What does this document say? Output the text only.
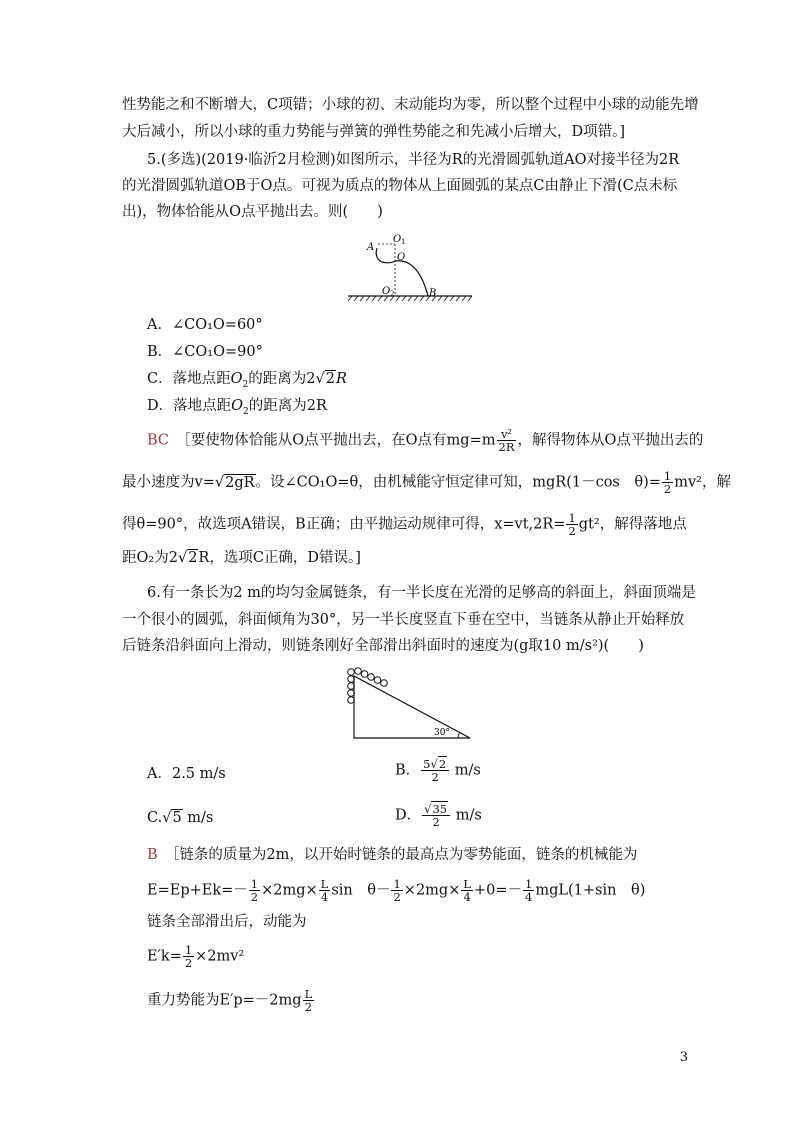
性势能之和不断增大，C项错；小球的初、末动能均为零，所以整个过程中小球的动能先增
大后减小，所以小球的重力势能与弹簧的弹性势能之和先减小后增大，D项错。]
5.(多选)(2019·临沂2月检测)如图所示，半径为R的光滑圆弧轨道AO对接半径为2R
的光滑圆弧轨道OB于O点。可视为质点的物体从上面圆弧的某点C由静止下滑(C点未标
出)，物体恰能从O点平抛出去。则(　　)
A
O 1
O
O 2	B
A．∠CO₁O=60°
B．∠CO₁O=90°
C．落地点距$O_2$的距离为2√2R
D．落地点距$O_2$的距离为2R
BC　 ［要使物体恰能从O点平抛出去，在O点有$mg=m \frac{\text{v²}}{2R}$ ，解得物体从O点平抛出去的
最小速度为v=√2gR。设∠CO₁O=θ，由机械能守恒定律可知，mgR(1－cos　$\theta)= \frac{1}{2} mv^2$，解
得θ=90°，故选项A错误，B正确；由平抛运动规律可得，$x=vt,2R= \frac{1}{2} gt^2$，解得落地点
距O₂为2√2R，选项C正确，D错误。]
6.有一条长为2 m的均匀金属链条，有一半长度在光滑的足够高的斜面上，斜面顶端是
一个很小的圆弧，斜面倾角为30°，另一半长度竖直下垂在空中，当链条从静止开始释放
后链条沿斜面向上滑动，则链条刚好全部滑出斜面时的速度为(g取10 m/s²)(　　)
30°
A．2.5 m/s	B． $\frac{5√2}{2} m/s$
C.√5 m/s	D． $\frac{√35}{2} m/s$
B　 ［链条的质量为2m，以开始时链条的最高点为零势能面，链条的机械能为
$E=Ep+Ek=- \frac{1}{2} \times 2mg\times \frac{L}{4}$ sin　$\theta- \frac{1}{2} \times 2mg\times \frac{L}{4} +0=- \frac{1}{4} mgL(1+\sin$　θ)
链条全部滑出后，动能为
$E'k= \frac{1}{2} \times 2mv^2$
重力势能为$E'p=-2mg \frac{L}{2}$
3
